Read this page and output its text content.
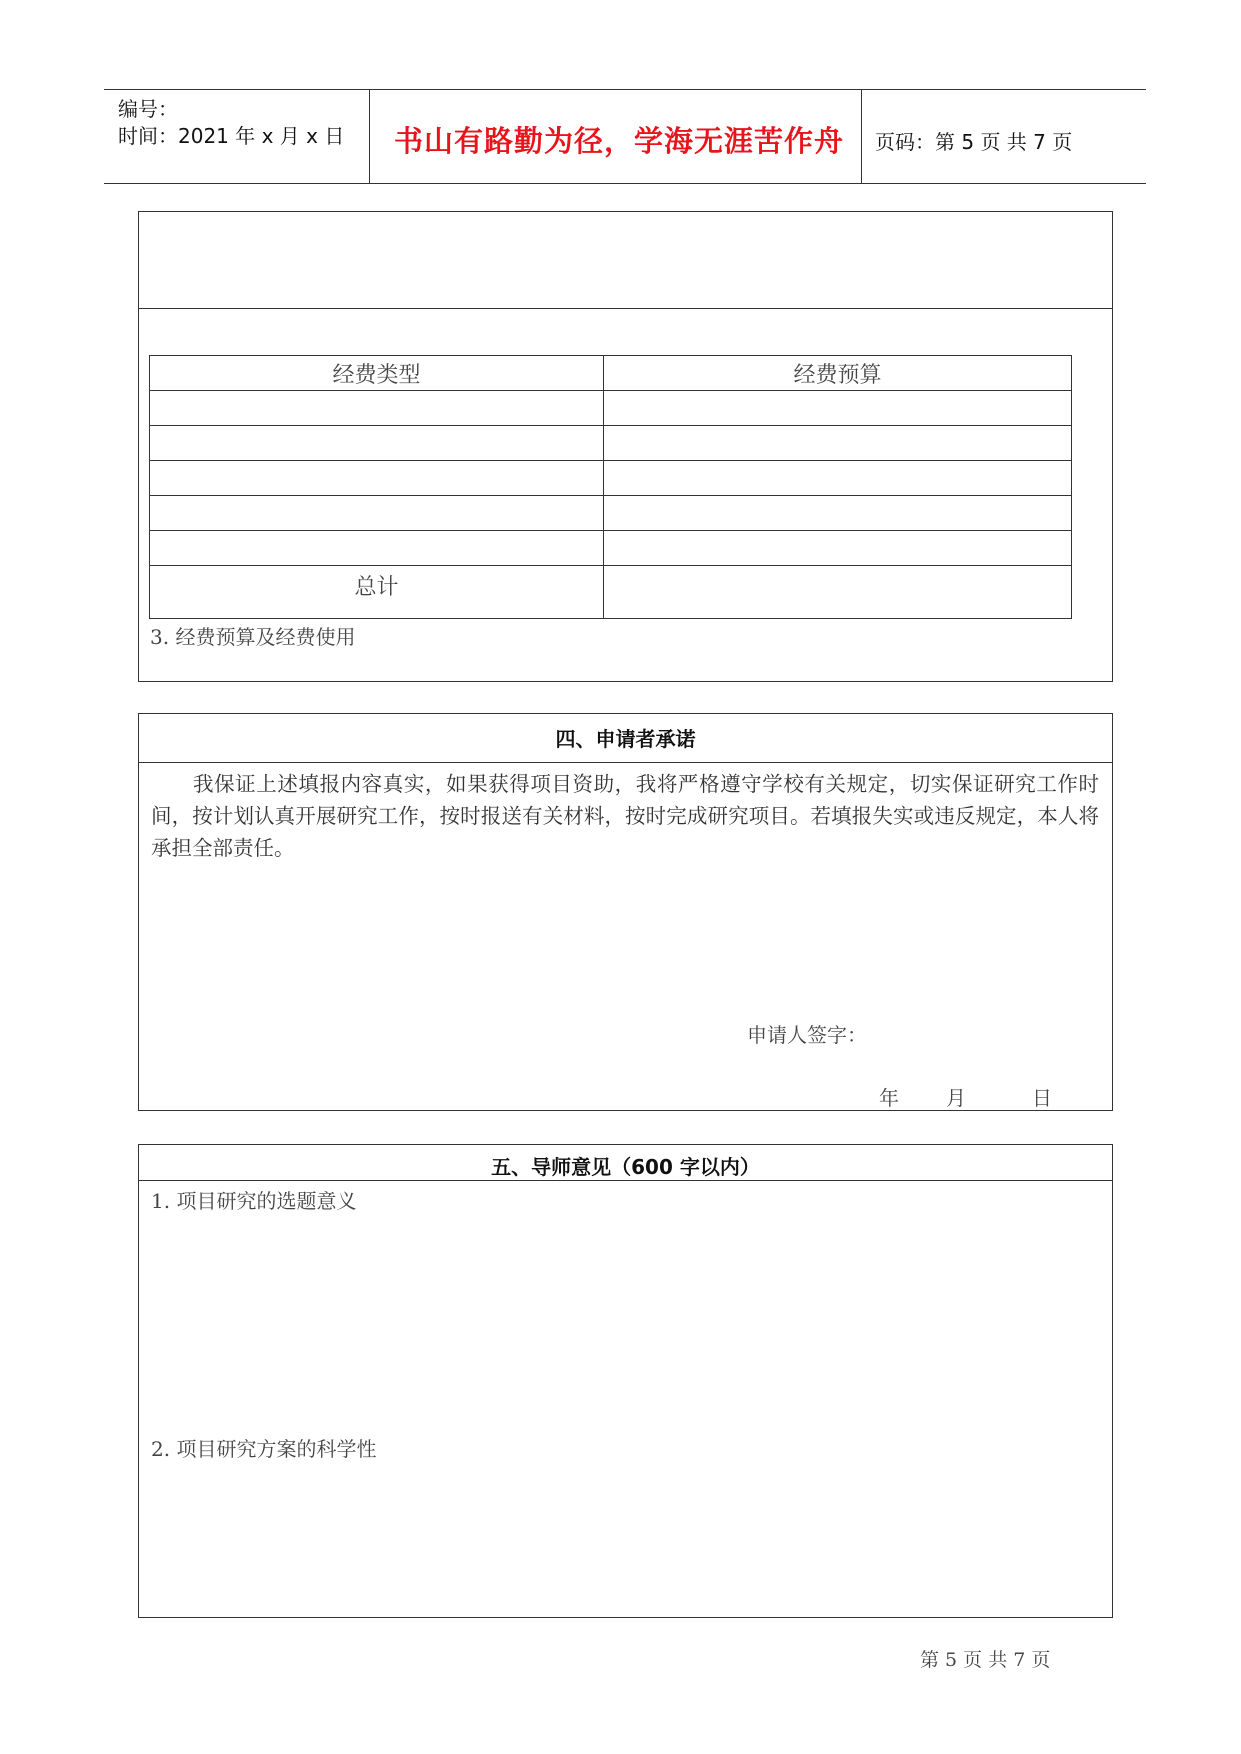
编号：
时间：2021 年 x 月 x 日 书山有路勤为径，学海无涯苦作舟 页码：第 5 页 共 7 页
经费类型	经费预算

总计	
3. 经费预算及经费使用
四、申请者承诺
我保证上述填报内容真实，如果获得项目资助，我将严格遵守学校有关规定，切实保证研究工作时间，按计划认真开展研究工作，按时报送有关材料，按时完成研究项目。若填报失实或违反规定，本人将承担全部责任。
申请人签字：
年 月	日
五、导师意见（600 字以内）
1. 项目研究的选题意义
2. 项目研究方案的科学性
第 5 页 共 7 页
